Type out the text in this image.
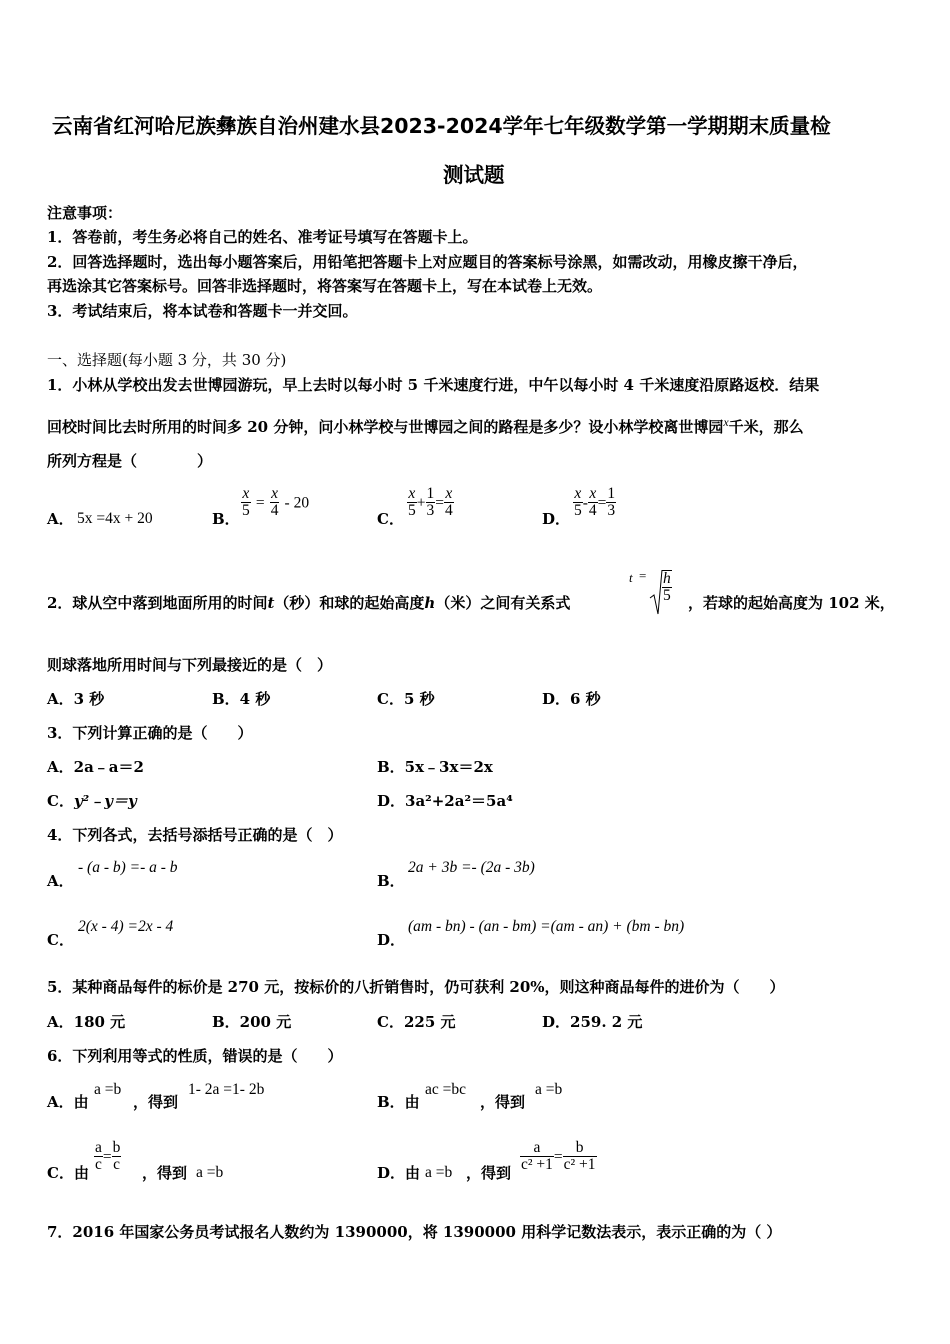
云南省红河哈尼族彝族自治州建水县2023-2024学年七年级数学第一学期期末质量检
测试题
注意事项：
1．答卷前，考生务必将自己的姓名、准考证号填写在答题卡上。
2．回答选择题时，选出每小题答案后，用铅笔把答题卡上对应题目的答案标号涂黑，如需改动，用橡皮擦干净后，
再选涂其它答案标号。回答非选择题时，将答案写在答题卡上，写在本试卷上无效。
3．考试结束后，将本试卷和答题卡一并交回。
一、选择题(每小题 3 分，共 30 分)
1．小林从学校出发去世博园游玩，早上去时以每小时 5 千米速度行进，中午以每小时 4 千米速度沿原路返校．结果
回校时间比去时所用的时间多 20 分钟，问小林学校与世博园之间的路程是多少？设小林学校离世博园$^x$千米，那么
所列方程是（　　　　）
A． 5x =4x + 20	B． $\frac{x}{5} = \frac{x}{4} - 20$
C． $\frac{x}{5} + \frac{1}{3} = \frac{x}{4}$	D． $\frac{x}{5} - \frac{x}{4} = \frac{1}{3}$
2．球从空中落到地面所用的时间t（秒）和球的起始高度h（米）之间有关系式
$t = \frac{h}{5}$ ，若球的起始高度为 102 米，
则球落地所用时间与下列最接近的是（　）
A．3 秒	B．4 秒	C．5 秒	D．6 秒
3．下列计算正确的是（　　）
A．2a﹣a＝2	B．5x﹣3x＝2x
C．y²﹣y＝y	D．3a²+2a²＝5a⁴
4．下列各式，去括号添括号正确的是（　）
A．
- (a - b) =- a - b
B．
2a + 3b =- (2a - 3b)
C．
2(x - 4) =2x - 4
D．
(am - bn) - (an - bm) =(am - an) + (bm - bn)
5．某种商品每件的标价是 270 元，按标价的八折销售时，仍可获利 20%，则这种商品每件的进价为（　　）
A．180 元	B．200 元	C．225 元	D．259. 2 元
6．下列利用等式的性质，错误的是（　　）
A．由
a =b
，得到
1- 2a =1- 2b
B．由
ac =bc
，得到
a =b
C．由 $\frac{a}{c} = \frac{b}{c}$ ，得到 a =b	D．由 a =b ，得到 $\frac{a}{\text{c² +1}} = \frac{b}{\text{c² +1}}$
7．2016 年国家公务员考试报名人数约为 1390000，将 1390000 用科学记数法表示，表示正确的为（ ）
